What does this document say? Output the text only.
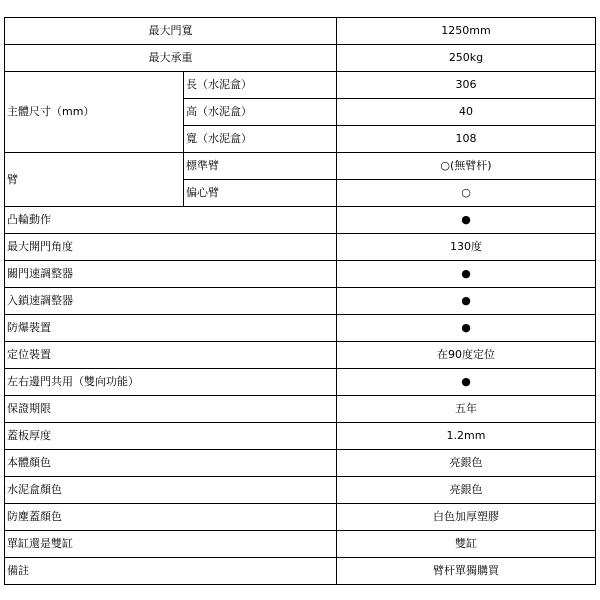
最大門寬		1250mm
最大承重		250kg
主體尺寸（mm）	長（水泥盒）	306
	高（水泥盒）	40
	寬（水泥盒）	108
臂	標準臂	○(無臂杆)
	偏心臂	○
凸輪動作		●
最大開門角度		130度
關門速調整器		●
入鎖速調整器		●
防爆裝置		●
定位裝置		在90度定位
左右邊門共用（雙向功能）		●
保證期限		五年
蓋板厚度		1.2mm
本體顏色		亮銀色
水泥盒顏色		亮銀色
防塵蓋顏色		白色加厚塑膠
單缸還是雙缸		雙缸
備註		臂杆單獨購買
